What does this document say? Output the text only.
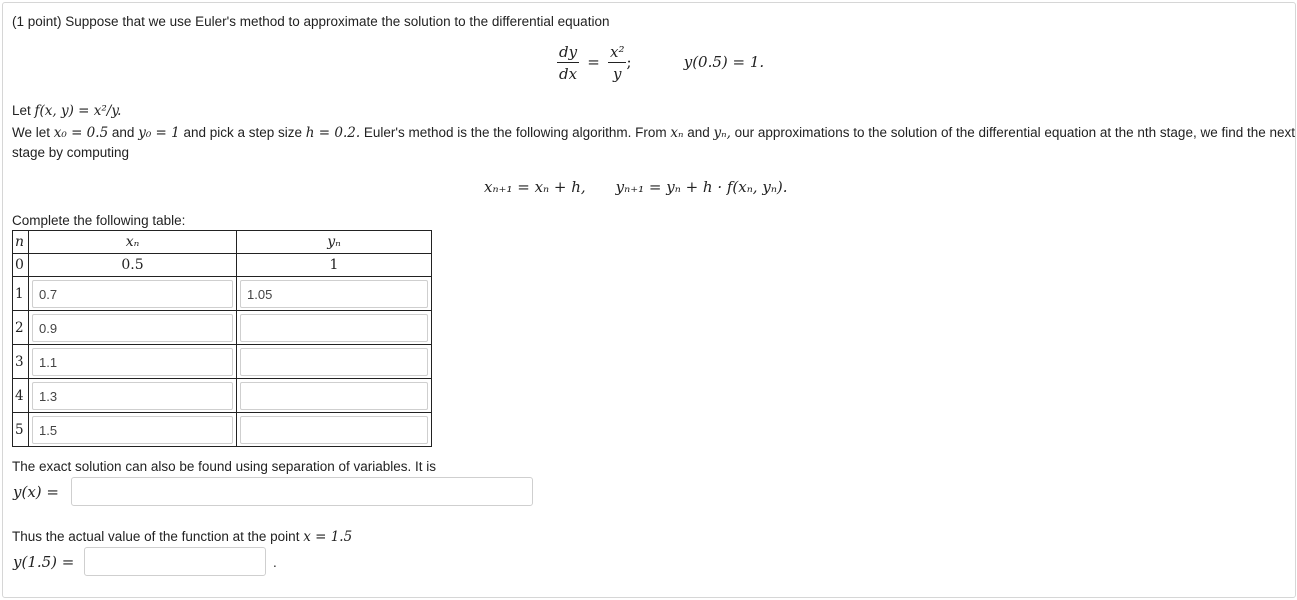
(1 point) Suppose that we use Euler's method to approximate the solution to the differential equation
$\frac{dy}{dx} = \frac{\text{x²}}{y}$ ;	y(0.5) = 1.
Let f(x, y) = x²/y.
We let x₀ = 0.5 and y₀ = 1 and pick a step size h = 0.2. Euler's method is the the following algorithm. From xₙ and yₙ, our approximations to the solution of the differential equation at the nth stage, we find the next stage by computing
xₙ₊₁ = xₙ + h, yₙ₊₁ = yₙ + h · f(xₙ, yₙ).
Complete the following table:
n	xₙ	yₙ
0	0.5	1
1	0.7	1.05

2	0.9	

3	1.1	

4	1.3	

5	1.5	

The exact solution can also be found using separation of variables. It is
y(x) =
Thus the actual value of the function at the point x = 1.5
y(1.5) =	.
